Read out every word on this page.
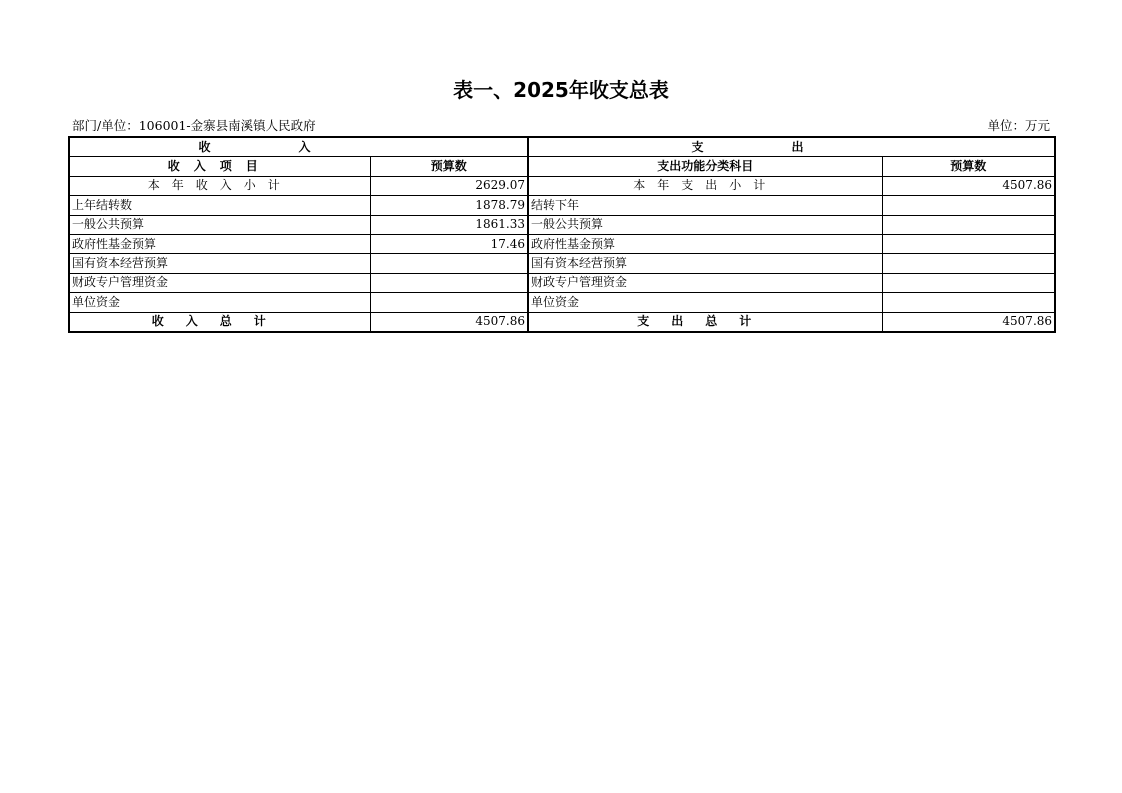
表一、2025年收支总表
部门/单位：106001-金寨县南溪镇人民政府	单位：万元
收入		支出	
收入项目	预算数	支出功能分类科目	预算数
本年收入小计	2629.07	本年支出小计	4507.86
上年结转数	1878.79	结转下年	
一般公共预算	1861.33	一般公共预算	
政府性基金预算	17.46	政府性基金预算	
国有资本经营预算		国有资本经营预算	
财政专户管理资金		财政专户管理资金	
单位资金		单位资金	
收入总计	4507.86	支出总计	4507.86
